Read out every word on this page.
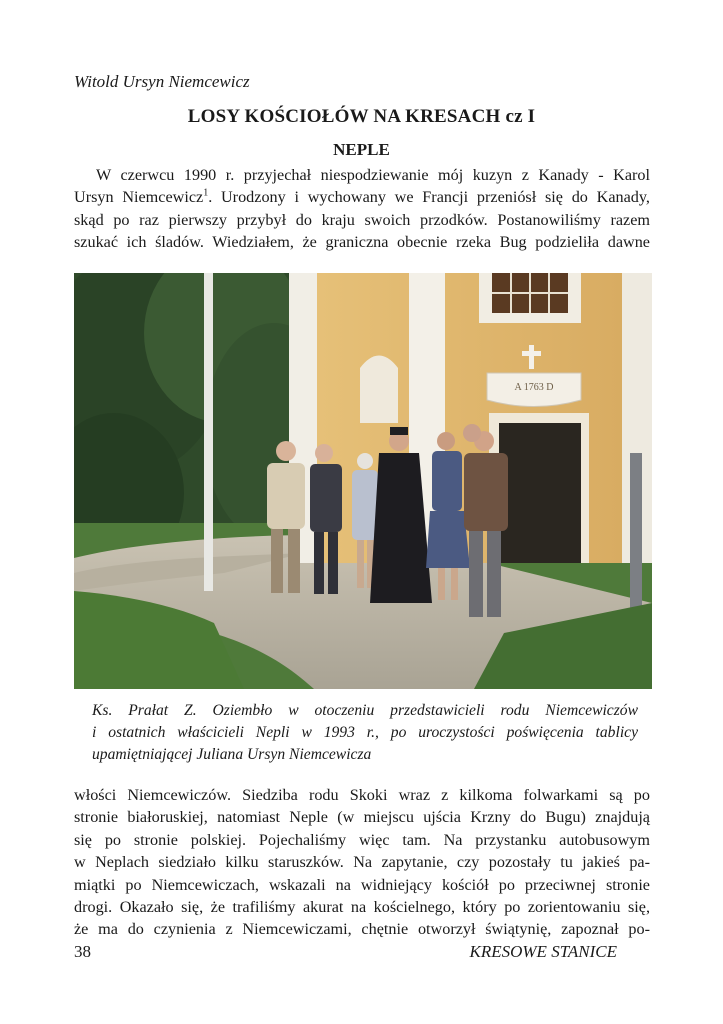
Witold Ursyn Niemcewicz
LOSY KOŚCIOŁÓW NA KRESACH cz I
NEPLE
W czerwcu 1990 r. przyjechał niespodziewanie mój kuzyn z Kanady - Karol
Ursyn Niemcewicz$^1$. Urodzony i wychowany we Francji przeniósł się do Kanady,
skąd po raz pierwszy przybył do kraju swoich przodków. Postanowiliśmy razem
szukać ich śladów. Wiedziałem, że graniczna obecnie rzeka Bug podzieliła dawne
A 1763 D
Ks. Prałat Z. Oziembło w otoczeniu przedstawicieli rodu Niemcewiczów
i ostatnich właścicieli Nepli w 1993 r., po uroczystości poświęcenia tablicy
upamiętniającej Juliana Ursyn Niemcewicza
włości Niemcewiczów. Siedziba rodu Skoki wraz z kilkoma folwarkami są po
stronie białoruskiej, natomiast Neple (w miejscu ujścia Krzny do Bugu) znajdują
się po stronie polskiej. Pojechaliśmy więc tam. Na przystanku autobusowym
w Neplach siedziało kilku staruszków. Na zapytanie, czy pozostały tu jakieś pa-
miątki po Niemcewiczach, wskazali na widniejący kościół po przeciwnej stronie
drogi. Okazało się, że trafiliśmy akurat na kościelnego, który po zorientowaniu się,
że ma do czynienia z Niemcewiczami, chętnie otworzył świątynię, zapoznał po-
38	KRESOWE STANICE
